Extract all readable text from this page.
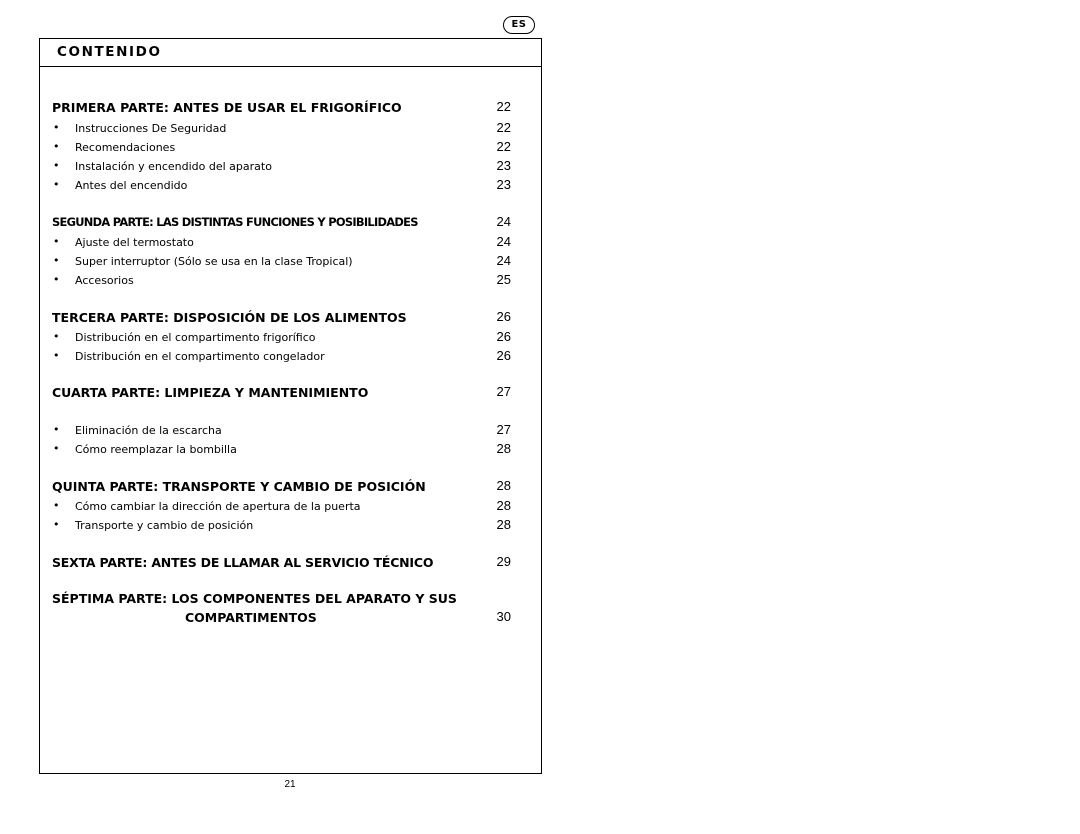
ES
CONTENIDO
PRIMERA PARTE: ANTES DE USAR EL FRIGORÍFICO	22
• Instrucciones De Seguridad	22
• Recomendaciones	22
• Instalación y encendido del aparato	23
• Antes del encendido	23
SEGUNDA PARTE: LAS DISTINTAS FUNCIONES Y POSIBILIDADES	24
• Ajuste del termostato	24
• Super interruptor (Sólo se usa en la clase Tropical)	24
• Accesorios	25
TERCERA PARTE: DISPOSICIÓN DE LOS ALIMENTOS	26
• Distribución en el compartimento frigorífico	26
• Distribución en el compartimento congelador	26
CUARTA PARTE: LIMPIEZA Y MANTENIMIENTO	27
• Eliminación de la escarcha	27
• Cómo reemplazar la bombilla	28
QUINTA PARTE: TRANSPORTE Y CAMBIO DE POSICIÓN	28
• Cómo cambiar la dirección de apertura de la puerta	28
• Transporte y cambio de posición	28
SEXTA PARTE: ANTES DE LLAMAR AL SERVICIO TÉCNICO	29
SÉPTIMA PARTE: LOS COMPONENTES DEL APARATO Y SUS
COMPARTIMENTOS	30
21
